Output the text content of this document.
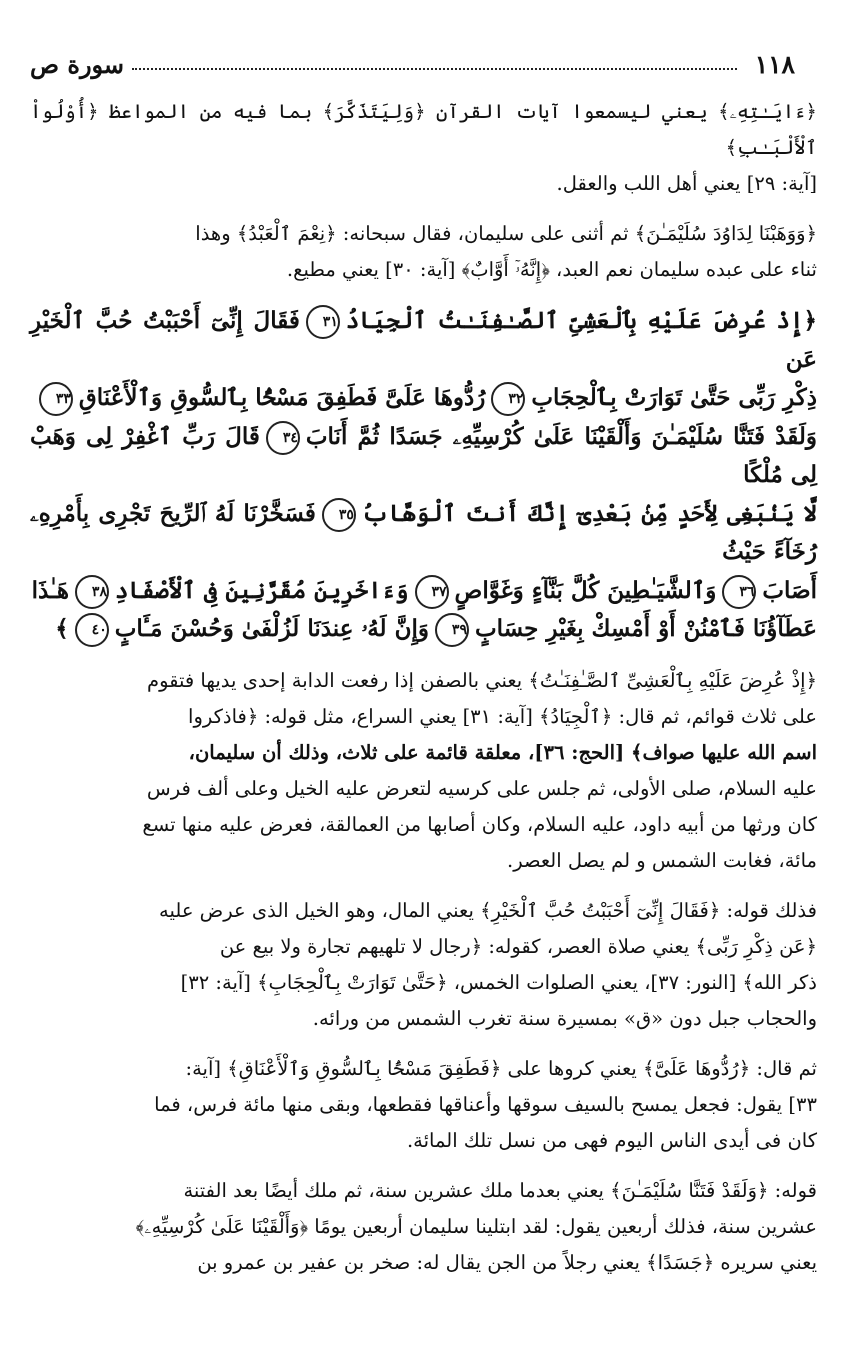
١١٨
سورة ص

﴿ءَايَـٰتِهِۦ﴾ يعني ليسمعوا آيات القرآن ﴿وَلِيَتَذَكَّرَ﴾ بما فيه من المواعظ ﴿أُوْلُواْ ٱلْأَلْبَـٰبِ﴾

[آية: ٢٩] يعني أهل اللب والعقل.

﴿وَوَهَبْنَا لِدَاوُدَ سُلَيْمَـٰنَ﴾ ثم أثنى على سليمان، فقال سبحانه: ﴿نِعْمَ ٱلْعَبْدُ﴾ وهذا

ثناء على عبده سليمان نعم العبد، ﴿إِنَّهُۥٓ أَوَّابٌ﴾ [آية: ٣٠] يعني مطيع.

﴿إِذْ عُرِضَ عَلَيْهِ بِٱلْعَشِىِّ ٱلصَّـٰفِنَـٰتُ ٱلْجِيَادُ٣١فَقَالَ إِنِّىٓ أَحْبَبْتُ حُبَّ ٱلْخَيْرِ عَن

ذِكْرِ رَبِّى حَتَّىٰ تَوَارَتْ بِٱلْحِجَابِ٣٢رُدُّوهَا عَلَىَّ فَطَفِقَ مَسْحًۢا بِٱلسُّوقِ وَٱلْأَعْنَاقِ٣٣

وَلَقَدْ فَتَنَّا سُلَيْمَـٰنَ وَأَلْقَيْنَا عَلَىٰ كُرْسِيِّهِۦ جَسَدًا ثُمَّ أَنَابَ٣٤قَالَ رَبِّ ٱغْفِرْ لِى وَهَبْ لِى مُلْكًا

لَّا يَنۢبَغِى لِأَحَدٍ مِّنۢ بَعْدِىٓ إِنَّكَ أَنتَ ٱلْوَهَّابُ٣٥فَسَخَّرْنَا لَهُ ٱلرِّيحَ تَجْرِى بِأَمْرِهِۦ رُخَآءً حَيْثُ

أَصَابَ٣٦وَٱلشَّيَـٰطِينَ كُلَّ بَنَّآءٍ وَغَوَّاصٍ٣٧وَءَاخَرِينَ مُقَرَّنِينَ فِى ٱلْأَصْفَادِ٣٨هَـٰذَا

عَطَآؤُنَا فَٱمْنُنْ أَوْ أَمْسِكْ بِغَيْرِ حِسَابٍ٣٩وَإِنَّ لَهُۥ عِندَنَا لَزُلْفَىٰ وَحُسْنَ مَـَٔابٍ٤٠﴾

﴿إِذْ عُرِضَ عَلَيْهِ بِٱلْعَشِىِّ ٱلصَّـٰفِنَـٰتُ﴾ يعني بالصفن إذا رفعت الدابة إحدى يديها فتقوم

على ثلاث قوائم، ثم قال: ﴿ٱلْجِيَادُ﴾ [آية: ٣١] يعني السراع، مثل قوله: ﴿فاذكروا

اسم الله عليها صواف﴾ [الحج: ٣٦]، معلقة قائمة على ثلاث، وذلك أن سليمان،

عليه السلام، صلى الأولى، ثم جلس على كرسيه لتعرض عليه الخيل وعلى ألف فرس

كان ورثها من أبيه داود، عليه السلام، وكان أصابها من العمالقة، فعرض عليه منها تسع

مائة، فغابت الشمس و لم يصل العصر.

فذلك قوله: ﴿فَقَالَ إِنِّىٓ أَحْبَبْتُ حُبَّ ٱلْخَيْرِ﴾ يعني المال، وهو الخيل الذى عرض عليه

﴿عَن ذِكْرِ رَبِّى﴾ يعني صلاة العصر، كقوله: ﴿رجال لا تلهيهم تجارة ولا بيع عن

ذكر الله﴾ [النور: ٣٧]، يعني الصلوات الخمس، ﴿حَتَّىٰ تَوَارَتْ بِٱلْحِجَابِ﴾ [آية: ٣٢]

والحجاب جبل دون «ق» بمسيرة سنة تغرب الشمس من ورائه.

ثم قال: ﴿رُدُّوهَا عَلَىَّ﴾ يعني كروها على ﴿فَطَفِقَ مَسْحًۢا بِٱلسُّوقِ وَٱلْأَعْنَاقِ﴾ [آية:

٣٣] يقول: فجعل يمسح بالسيف سوقها وأعناقها فقطعها، وبقى منها مائة فرس، فما

كان فى أيدى الناس اليوم فهى من نسل تلك المائة.

قوله: ﴿وَلَقَدْ فَتَنَّا سُلَيْمَـٰنَ﴾ يعني بعدما ملك عشرين سنة، ثم ملك أيضًا بعد الفتنة

عشرين سنة، فذلك أربعين يقول: لقد ابتلينا سليمان أربعين يومًا ﴿وَأَلْقَيْنَا عَلَىٰ كُرْسِيِّهِۦ﴾

يعني سريره ﴿جَسَدًا﴾ يعني رجلاً من الجن يقال له: صخر بن عفير بن عمرو بن
